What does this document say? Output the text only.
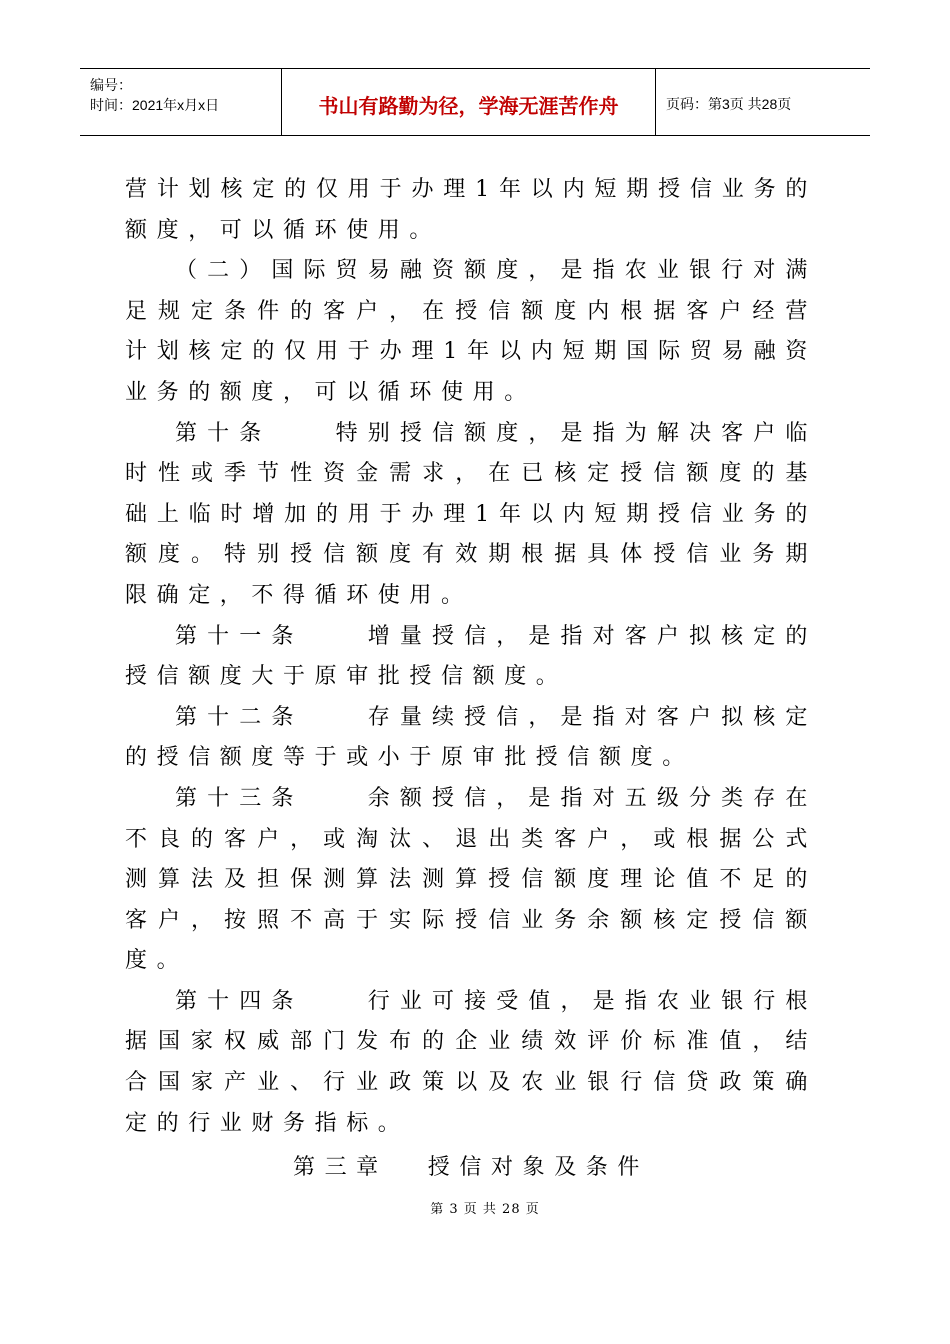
编号：
时间：2021年x月x日	书山有路勤为径，学海无涯苦作舟	页码：第3页 共28页

营计划核定的仅用于办理1年以内短期授信业务的额度，可以循环使用。

（二）国际贸易融资额度，是指农业银行对满足规定条件的客户，在授信额度内根据客户经营计划核定的仅用于办理1年以内短期国际贸易融资业务的额度，可以循环使用。

第十条　　特别授信额度，是指为解决客户临时性或季节性资金需求，在已核定授信额度的基础上临时增加的用于办理1年以内短期授信业务的额度。特别授信额度有效期根据具体授信业务期限确定，不得循环使用。

第十一条　　增量授信，是指对客户拟核定的授信额度大于原审批授信额度。

第十二条　　存量续授信，是指对客户拟核定的授信额度等于或小于原审批授信额度。

第十三条　　余额授信，是指对五级分类存在不良的客户，或淘汰、退出类客户，或根据公式测算法及担保测算法测算授信额度理论值不足的客户，按照不高于实际授信业务余额核定授信额度。

第十四条　　行业可接受值，是指农业银行根据国家权威部门发布的企业绩效评价标准值，结合国家产业、行业政策以及农业银行信贷政策确定的行业财务指标。

第三章 授信对象及条件
第 3 页 共 28 页
